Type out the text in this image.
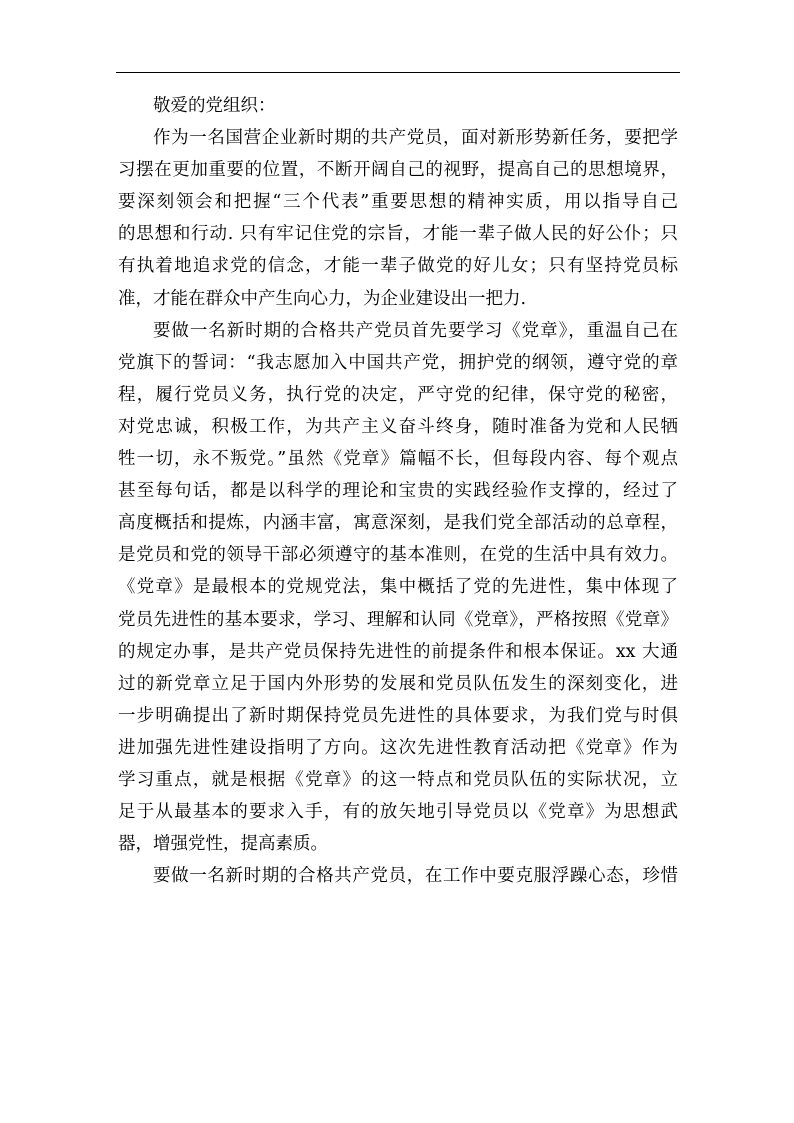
敬爱的党组织：
作为一名国营企业新时期的共产党员，面对新形势新任务，要把学
习摆在更加重要的位置，不断开阔自己的视野，提高自己的思想境界，
要深刻领会和把握“三个代表”重要思想的精神实质，用以指导自己
的思想和行动. 只有牢记住党的宗旨，才能一辈子做人民的好公仆；只
有执着地追求党的信念，才能一辈子做党的好儿女；只有坚持党员标
准，才能在群众中产生向心力，为企业建设出一把力.
要做一名新时期的合格共产党员首先要学习《党章》，重温自己在
党旗下的誓词：“我志愿加入中国共产党，拥护党的纲领，遵守党的章
程，履行党员义务，执行党的决定，严守党的纪律，保守党的秘密，
对党忠诚，积极工作，为共产主义奋斗终身，随时准备为党和人民牺
牲一切，永不叛党。”虽然《党章》篇幅不长，但每段内容、每个观点
甚至每句话，都是以科学的理论和宝贵的实践经验作支撑的，经过了
高度概括和提炼，内涵丰富，寓意深刻，是我们党全部活动的总章程，
是党员和党的领导干部必须遵守的基本准则，在党的生活中具有效力。
《党章》是最根本的党规党法，集中概括了党的先进性，集中体现了
党员先进性的基本要求，学习、理解和认同《党章》，严格按照《党章》
的规定办事，是共产党员保持先进性的前提条件和根本保证。xx 大通
过的新党章立足于国内外形势的发展和党员队伍发生的深刻变化，进
一步明确提出了新时期保持党员先进性的具体要求，为我们党与时俱
进加强先进性建设指明了方向。这次先进性教育活动把《党章》作为
学习重点，就是根据《党章》的这一特点和党员队伍的实际状况，立
足于从最基本的要求入手，有的放矢地引导党员以《党章》为思想武
器，增强党性，提高素质。
要做一名新时期的合格共产党员，在工作中要克服浮躁心态，珍惜
